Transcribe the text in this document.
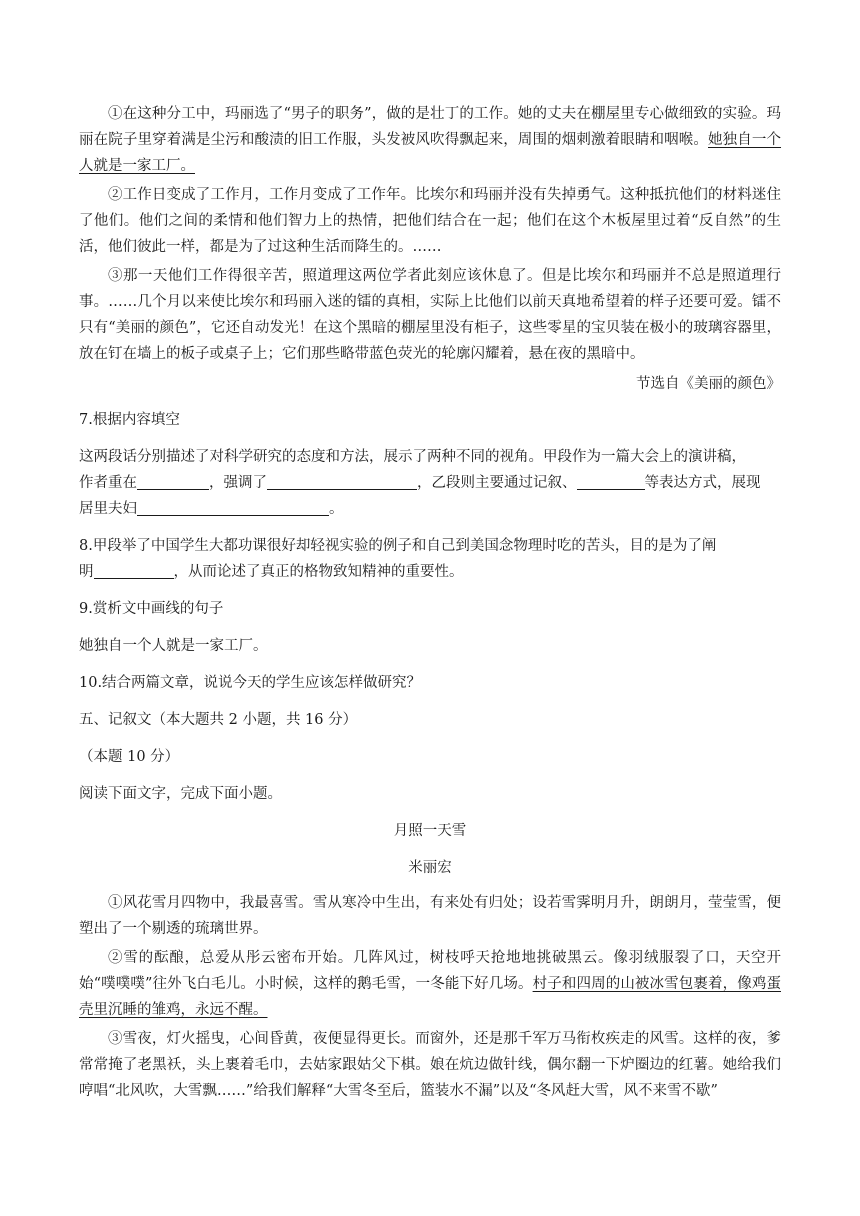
①在这种分工中，玛丽选了“男子的职务”，做的是壮丁的工作。她的丈夫在棚屋里专心做细致的实验。玛丽在院子里穿着满是尘污和酸渍的旧工作服，头发被风吹得飘起来，周围的烟刺激着眼睛和咽喉。她独自一个人就是一家工厂。

②工作日变成了工作月，工作月变成了工作年。比埃尔和玛丽并没有失掉勇气。这种抵抗他们的材料迷住了他们。他们之间的柔情和他们智力上的热情，把他们结合在一起；他们在这个木板屋里过着“反自然”的生活，他们彼此一样，都是为了过这种生活而降生的。……

③那一天他们工作得很辛苦，照道理这两位学者此刻应该休息了。但是比埃尔和玛丽并不总是照道理行事。……几个月以来使比埃尔和玛丽入迷的镭的真相，实际上比他们以前天真地希望着的样子还要可爱。镭不只有“美丽的颜色”，它还自动发光！在这个黑暗的棚屋里没有柜子，这些零星的宝贝装在极小的玻璃容器里，放在钉在墙上的板子或桌子上；它们那些略带蓝色荧光的轮廓闪耀着，悬在夜的黑暗中。

节选自《美丽的颜色》

7.根据内容填空

这两段话分别描述了对科学研究的态度和方法，展示了两种不同的视角。甲段作为一篇大会上的演讲稿，

作者重在	，强调了	，乙段则主要通过记叙、	等表达方式，展现

居里夫妇	。

8.甲段举了中国学生大都功课很好却轻视实验的例子和自己到美国念物理时吃的苦头，目的是为了阐

明	，从而论述了真正的格物致知精神的重要性。

9.赏析文中画线的句子

她独自一个人就是一家工厂。

10.结合两篇文章，说说今天的学生应该怎样做研究？

五、记叙文（本大题共 2 小题，共 16 分）

（本题 10 分）

阅读下面文字，完成下面小题。

月照一天雪

米丽宏

①风花雪月四物中，我最喜雪。雪从寒冷中生出，有来处有归处；设若雪霁明月升，朗朗月，莹莹雪，便塑出了一个剔透的琉璃世界。

②雪的酝酿，总爱从彤云密布开始。几阵风过，树枝呼天抢地地挑破黑云。像羽绒服裂了口，天空开始“噗噗噗”往外飞白毛儿。小时候，这样的鹅毛雪，一冬能下好几场。村子和四周的山被冰雪包裹着，像鸡蛋壳里沉睡的雏鸡，永远不醒。

③雪夜，灯火摇曳，心间昏黄，夜便显得更长。而窗外，还是那千军万马衔枚疾走的风雪。这样的夜，爹常常掩了老黑袄，头上裹着毛巾，去姑家跟姑父下棋。娘在炕边做针线，偶尔翻一下炉圈边的红薯。她给我们哼唱“北风吹，大雪飘……”给我们解释“大雪冬至后，篮装水不漏”以及“冬风赶大雪，风不来雪不歇”
